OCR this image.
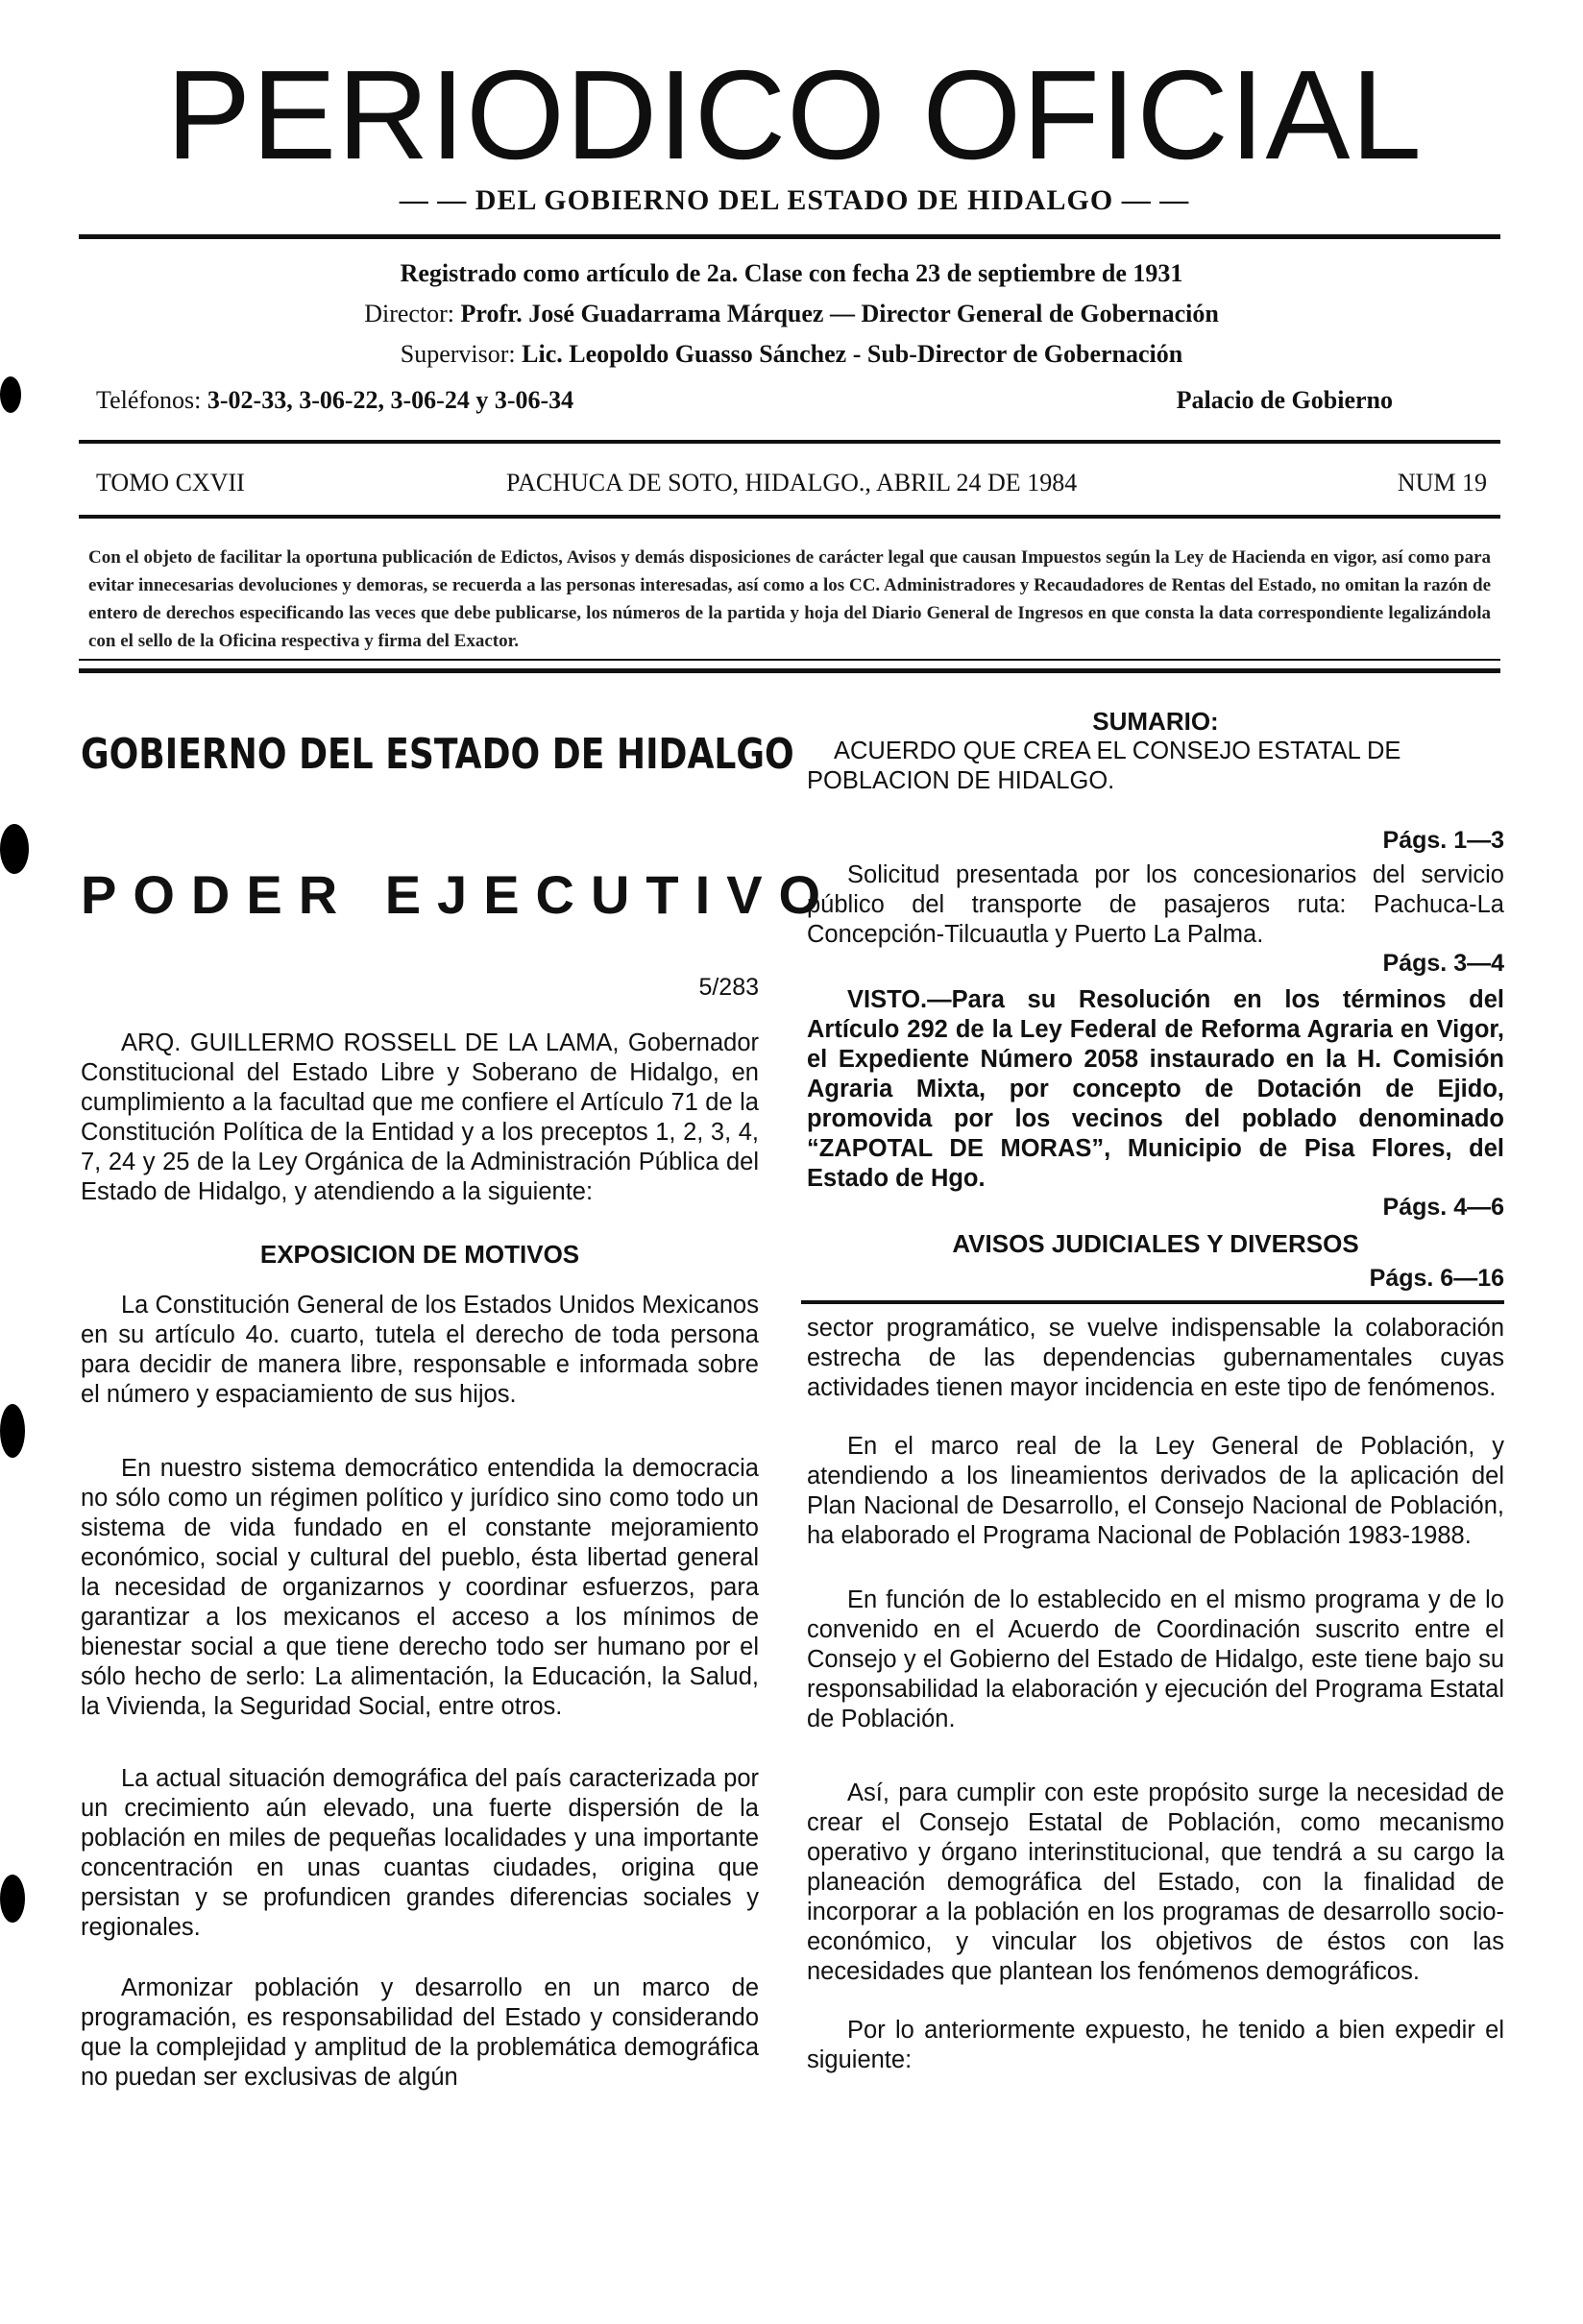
PERIODICO OFICIAL
— — DEL GOBIERNO DEL ESTADO DE HIDALGO — —
Registrado como artículo de 2a. Clase con fecha 23 de septiembre de 1931
Director: Profr. José Guadarrama Márquez — Director General de Gobernación
Supervisor: Lic. Leopoldo Guasso Sánchez - Sub-Director de Gobernación
Teléfonos: 3-02-33, 3-06-22, 3-06-24 y 3-06-34	Palacio de Gobierno
TOMO CXVII	PACHUCA DE SOTO, HIDALGO., ABRIL 24 DE 1984	NUM 19
Con el objeto de facilitar la oportuna publicación de Edictos, Avisos y demás disposiciones de carácter legal que causan Impuestos según la Ley de Hacienda en vigor, así como para evitar innecesarias devoluciones y demoras, se recuerda a las personas interesadas, así como a los CC. Administradores y Recaudadores de Rentas del Estado, no omitan la razón de entero de derechos especificando las veces que debe publicarse, los números de la partida y hoja del Diario General de Ingresos en que consta la data correspondiente legalizándola con el sello de la Oficina respectiva y firma del Exactor.
GOBIERNO DEL ESTADO DE HIDALGO
PODER EJECUTIVO
5/283

ARQ. GUILLERMO ROSSELL DE LA LAMA, Gobernador Constitucional del Estado Libre y Soberano de Hidalgo, en cumplimiento a la facultad que me confiere el Artículo 71 de la Constitución Política de la Entidad y a los preceptos 1, 2, 3, 4, 7, 24 y 25 de la Ley Orgánica de la Administración Pública del Estado de Hidalgo, y atendiendo a la siguiente:

EXPOSICION DE MOTIVOS

La Constitución General de los Estados Unidos Mexicanos en su artículo 4o. cuarto, tutela el derecho de toda persona para decidir de manera libre, responsable e informada sobre el número y espaciamiento de sus hijos.

En nuestro sistema democrático entendida la democracia no sólo como un régimen político y jurídico sino como todo un sistema de vida fundado en el constante mejoramiento económico, social y cultural del pueblo, ésta libertad general la necesidad de organizarnos y coordinar esfuerzos, para garantizar a los mexicanos el acceso a los mínimos de bienestar social a que tiene derecho todo ser humano por el sólo hecho de serlo: La alimentación, la Educación, la Salud, la Vivienda, la Seguridad Social, entre otros.

La actual situación demográfica del país caracterizada por un crecimiento aún elevado, una fuerte dispersión de la población en miles de pequeñas localidades y una importante concentración en unas cuantas ciudades, origina que persistan y se profundicen grandes diferencias sociales y regionales.

Armonizar población y desarrollo en un marco de programación, es responsabilidad del Estado y considerando que la complejidad y amplitud de la problemática demográfica no puedan ser exclusivas de algún

SUMARIO:
ACUERDO QUE CREA EL CONSEJO ESTATAL DE POBLACION DE HIDALGO.
Págs. 1—3

Solicitud presentada por los concesionarios del servicio público del transporte de pasajeros ruta: Pachuca-La Concepción-Tilcuautla y Puerto La Palma.

Págs. 3—4

VISTO.—Para su Resolución en los términos del Artículo 292 de la Ley Federal de Reforma Agraria en Vigor, el Expediente Número 2058 instaurado en la H. Comisión Agraria Mixta, por concepto de Dotación de Ejido, promovida por los vecinos del poblado denominado “ZAPOTAL DE MORAS”, Municipio de Pisa Flores, del Estado de Hgo.

Págs. 4—6
AVISOS JUDICIALES Y DIVERSOS
Págs. 6—16

sector programático, se vuelve indispensable la colaboración estrecha de las dependencias gubernamentales cuyas actividades tienen mayor incidencia en este tipo de fenómenos.

En el marco real de la Ley General de Población, y atendiendo a los lineamientos derivados de la aplicación del Plan Nacional de Desarrollo, el Consejo Nacional de Población, ha elaborado el Programa Nacional de Población 1983-1988.

En función de lo establecido en el mismo programa y de lo convenido en el Acuerdo de Coordinación suscrito entre el Consejo y el Gobierno del Estado de Hidalgo, este tiene bajo su responsabilidad la elaboración y ejecución del Programa Estatal de Población.

Así, para cumplir con este propósito surge la necesidad de crear el Consejo Estatal de Población, como mecanismo operativo y órgano interinstitucional, que tendrá a su cargo la planeación demográfica del Estado, con la finalidad de incorporar a la población en los programas de desarrollo socio-económico, y vincular los objetivos de éstos con las necesidades que plantean los fenómenos demográficos.

Por lo anteriormente expuesto, he tenido a bien expedir el siguiente:
